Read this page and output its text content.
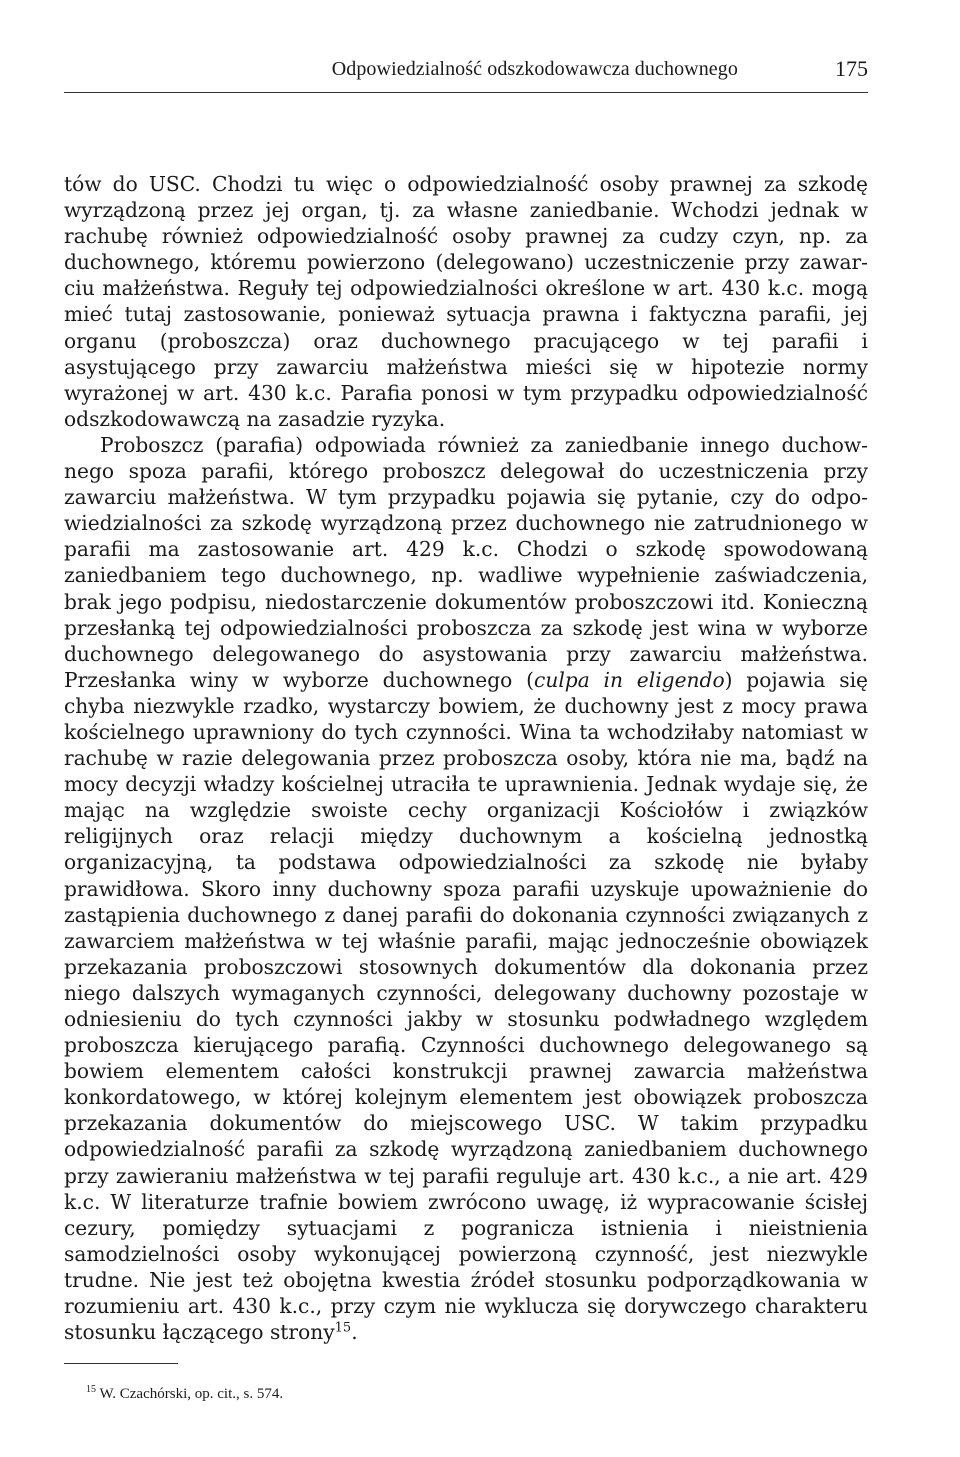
Odpowiedzialność odszkodowawcza duchownego	175

tów do USC. Chodzi tu więc o odpowiedzialność osoby prawnej za szkodę wyrządzoną przez jej organ, tj. za własne zaniedbanie. Wchodzi jednak w rachubę również odpowiedzialność osoby prawnej za cudzy czyn, np. za duchownego, któremu powierzono (delegowano) uczestniczenie przy zawarciu małżeństwa. Reguły tej odpowiedzialności określone w art. 430 k.c. mogą mieć tutaj zastosowanie, ponieważ sytuacja prawna i faktyczna parafii, jej organu (proboszcza) oraz duchownego pracującego w tej parafii i asystującego przy zawarciu małżeństwa mieści się w hipotezie normy wyrażonej w art. 430 k.c. Parafia ponosi w tym przypadku odpowiedzialność odszkodowawczą na zasadzie ryzyka.

Proboszcz (parafia) odpowiada również za zaniedbanie innego duchownego spoza parafii, którego proboszcz delegował do uczestniczenia przy zawarciu małżeństwa. W tym przypadku pojawia się pytanie, czy do odpowiedzialności za szkodę wyrządzoną przez duchownego nie zatrudnionego w parafii ma zastosowanie art. 429 k.c. Chodzi o szkodę spowodowaną zaniedbaniem tego duchownego, np. wadliwe wypełnienie zaświadczenia, brak jego podpisu, niedostarczenie dokumentów proboszczowi itd. Konieczną przesłanką tej odpowiedzialności proboszcza za szkodę jest wina w wyborze duchownego delegowanego do asystowania przy zawarciu małżeństwa. Przesłanka winy w wyborze duchownego (culpa in eligendo) pojawia się chyba niezwykle rzadko, wystarczy bowiem, że duchowny jest z mocy prawa kościelnego uprawniony do tych czynności. Wina ta wchodziłaby natomiast w rachubę w razie delegowania przez proboszcza osoby, która nie ma, bądź na mocy decyzji władzy kościelnej utraciła te uprawnienia. Jednak wydaje się, że mając na względzie swoiste cechy organizacji Kościołów i związków religijnych oraz relacji między duchownym a kościelną jednostką organizacyjną, ta podstawa odpowiedzialności za szkodę nie byłaby prawidłowa. Skoro inny duchowny spoza parafii uzyskuje upoważnienie do zastąpienia duchownego z danej parafii do dokonania czynności związanych z zawarciem małżeństwa w tej właśnie parafii, mając jednocześnie obowiązek przekazania proboszczowi stosownych dokumentów dla dokonania przez niego dalszych wymaganych czynności, delegowany duchowny pozostaje w odniesieniu do tych czynności jakby w stosunku podwładnego względem proboszcza kierującego parafią. Czynności duchownego delegowanego są bowiem elementem całości konstrukcji prawnej zawarcia małżeństwa konkordatowego, w której kolejnym elementem jest obowiązek proboszcza przekazania dokumentów do miejscowego USC. W takim przypadku odpowiedzialność parafii za szkodę wyrządzoną zaniedbaniem duchownego przy zawieraniu małżeństwa w tej parafii reguluje art. 430 k.c., a nie art. 429 k.c. W literaturze trafnie bowiem zwrócono uwagę, iż wypracowanie ścisłej cezury, pomiędzy sytuacjami z pogranicza istnienia i nieistnienia samodzielności osoby wykonującej powierzoną czynność, jest niezwykle trudne. Nie jest też obojętna kwestia źródeł stosunku podporządkowania w rozumieniu art. 430 k.c., przy czym nie wyklucza się dorywczego charakteru stosunku łączącego strony$^{15}$.

$^{15}$ W. Czachórski, op. cit., s. 574.
